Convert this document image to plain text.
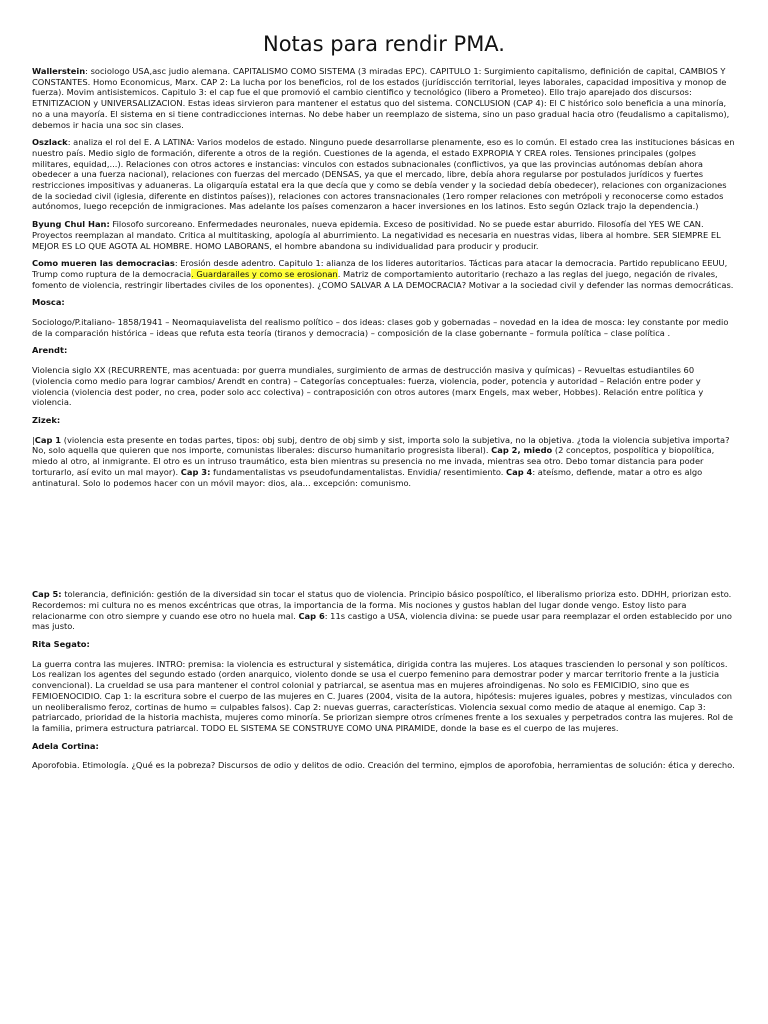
Notas para rendir PMA.

Wallerstein: sociologo USA,asc judio alemana. CAPITALISMO COMO SISTEMA (3 miradas EPC). CAPITULO 1: Surgimiento capitalismo, definición de capital, CAMBIOS Y CONSTANTES. Homo Economicus, Marx. CAP 2: La lucha por los beneficios, rol de los estados (jurídiscción territorial, leyes laborales, capacidad impositiva y monop de fuerza). Movim antisistemicos. Capitulo 3: el cap fue el que promovió el cambio cientifico y tecnológico (libero a Prometeo). Ello trajo aparejado dos discursos: ETNITIZACION y UNIVERSALIZACION. Estas ideas sirvieron para mantener el estatus quo del sistema. CONCLUSION (CAP 4): El C histórico solo beneficia a una minoría, no a una mayoría. El sistema en si tiene contradicciones internas. No debe haber un reemplazo de sistema, sino un paso gradual hacia otro (feudalismo a capitalismo), debemos ir hacia una soc sin clases.

Oszlack: analiza el rol del E. A LATINA: Varios modelos de estado. Ninguno puede desarrollarse plenamente, eso es lo común. El estado crea las instituciones básicas en nuestro país. Medio siglo de formación, diferente a otros de la región. Cuestiones de la agenda, el estado EXPROPIA Y CREA roles. Tensiones principales (golpes militares, equidad,...). Relaciones con otros actores e instancias: vinculos con estados subnacionales (conflictivos, ya que las provincias autónomas debían ahora obedecer a una fuerza nacional), relaciones con fuerzas del mercado (DENSAS, ya que el mercado, libre, debía ahora regularse por postulados jurídicos y fuertes restricciones impositivas y aduaneras. La oligarquía estatal era la que decía que y como se debía vender y la sociedad debía obedecer), relaciones con organizaciones de la sociedad civil (iglesia, diferente en distintos países)), relaciones con actores transnacionales (1ero romper relaciones con metrópoli y reconocerse como estados autónomos, luego recepción de inmigraciones. Mas adelante los países comenzaron a hacer inversiones en los latinos. Esto según Ozlack trajo la dependencia.)

Byung Chul Han: Filosofo surcoreano. Enfermedades neuronales, nueva epidemia. Exceso de positividad. No se puede estar aburrido. Filosofía del YES WE CAN. Proyectos reemplazan al mandato. Critica al multitasking, apología al aburrimiento. La negatividad es necesaria en nuestras vidas, libera al hombre. SER SIEMPRE EL MEJOR ES LO QUE AGOTA AL HOMBRE. HOMO LABORANS, el hombre abandona su individualidad para producir y producir.

Como mueren las democracias: Erosión desde adentro. Capitulo 1: alianza de los lideres autoritarios. Tácticas para atacar la democracia. Partido republicano EEUU, Trump como ruptura de la democracia. Guardarailes y como se erosionan. Matriz de comportamiento autoritario (rechazo a las reglas del juego, negación de rivales, fomento de violencia, restringir libertades civiles de los oponentes). ¿COMO SALVAR A LA DEMOCRACIA? Motivar a la sociedad civil y defender las normas democráticas.

Mosca:

Sociologo/P.italiano- 1858/1941 – Neomaquiavelista del realismo político – dos ideas: clases gob y gobernadas – novedad en la idea de mosca: ley constante por medio de la comparación histórica – ideas que refuta esta teoría (tiranos y democracia) – composición de la clase gobernante – formula política – clase política .

Arendt:

Violencia siglo XX (RECURRENTE, mas acentuada: por guerra mundiales, surgimiento de armas de destrucción masiva y químicas) – Revueltas estudiantiles 60 (violencia como medio para lograr cambios/ Arendt en contra) – Categorías conceptuales: fuerza, violencia, poder, potencia y autoridad – Relación entre poder y violencia (violencia dest poder, no crea, poder solo acc colectiva) – contraposición con otros autores (marx Engels, max weber, Hobbes). Relación entre política y violencia.

Zizek:

|Cap 1 (violencia esta presente en todas partes, tipos: obj subj, dentro de obj simb y sist, importa solo la subjetiva, no la objetiva. ¿toda la violencia subjetiva importa? No, solo aquella que quieren que nos importe, comunistas liberales: discurso humanitario progresista liberal). Cap 2, miedo (2 conceptos, pospolítica y biopolítica, miedo al otro, al inmigrante. El otro es un intruso traumático, esta bien mientras su presencia no me invada, mientras sea otro. Debo tomar distancia para poder torturarlo, así evito un mal mayor). Cap 3: fundamentalistas vs pseudofundamentalistas. Envidia/ resentimiento. Cap 4: ateísmo, defiende, matar a otro es algo antinatural. Solo lo podemos hacer con un móvil mayor: dios, ala... excepción: comunismo.

Cap 5: tolerancia, definición: gestión de la diversidad sin tocar el status quo de violencia. Principio básico pospolítico, el liberalismo prioriza esto. DDHH, priorizan esto. Recordemos: mi cultura no es menos excéntricas que otras, la importancia de la forma. Mis nociones y gustos hablan del lugar donde vengo. Estoy listo para relacionarme con otro siempre y cuando ese otro no huela mal. Cap 6: 11s castigo a USA, violencia divina: se puede usar para reemplazar el orden establecido por uno mas justo.

Rita Segato:

La guerra contra las mujeres. INTRO: premisa: la violencia es estructural y sistemática, dirigida contra las mujeres. Los ataques trascienden lo personal y son políticos. Los realizan los agentes del segundo estado (orden anarquico, violento donde se usa el cuerpo femenino para demostrar poder y marcar territorio frente a la justicia convencional). La crueldad se usa para mantener el control colonial y patriarcal, se asentua mas en mujeres afroindigenas. No solo es FEMICIDIO, sino que es FEMIOENOCIDIO. Cap 1: la escritura sobre el cuerpo de las mujeres en C. Juares (2004, visita de la autora, hipótesis: mujeres iguales, pobres y mestizas, vinculados con un neoliberalismo feroz, cortinas de humo = culpables falsos). Cap 2: nuevas guerras, características. Violencia sexual como medio de ataque al enemigo. Cap 3: patriarcado, prioridad de la historia machista, mujeres como minoría. Se priorizan siempre otros crímenes frente a los sexuales y perpetrados contra las mujeres. Rol de la familia, primera estructura patriarcal. TODO EL SISTEMA SE CONSTRUYE COMO UNA PIRAMIDE, donde la base es el cuerpo de las mujeres.

Adela Cortina:

Aporofobia. Etimología. ¿Qué es la pobreza? Discursos de odio y delitos de odio. Creación del termino, ejmplos de aporofobia, herramientas de solución: ética y derecho.
